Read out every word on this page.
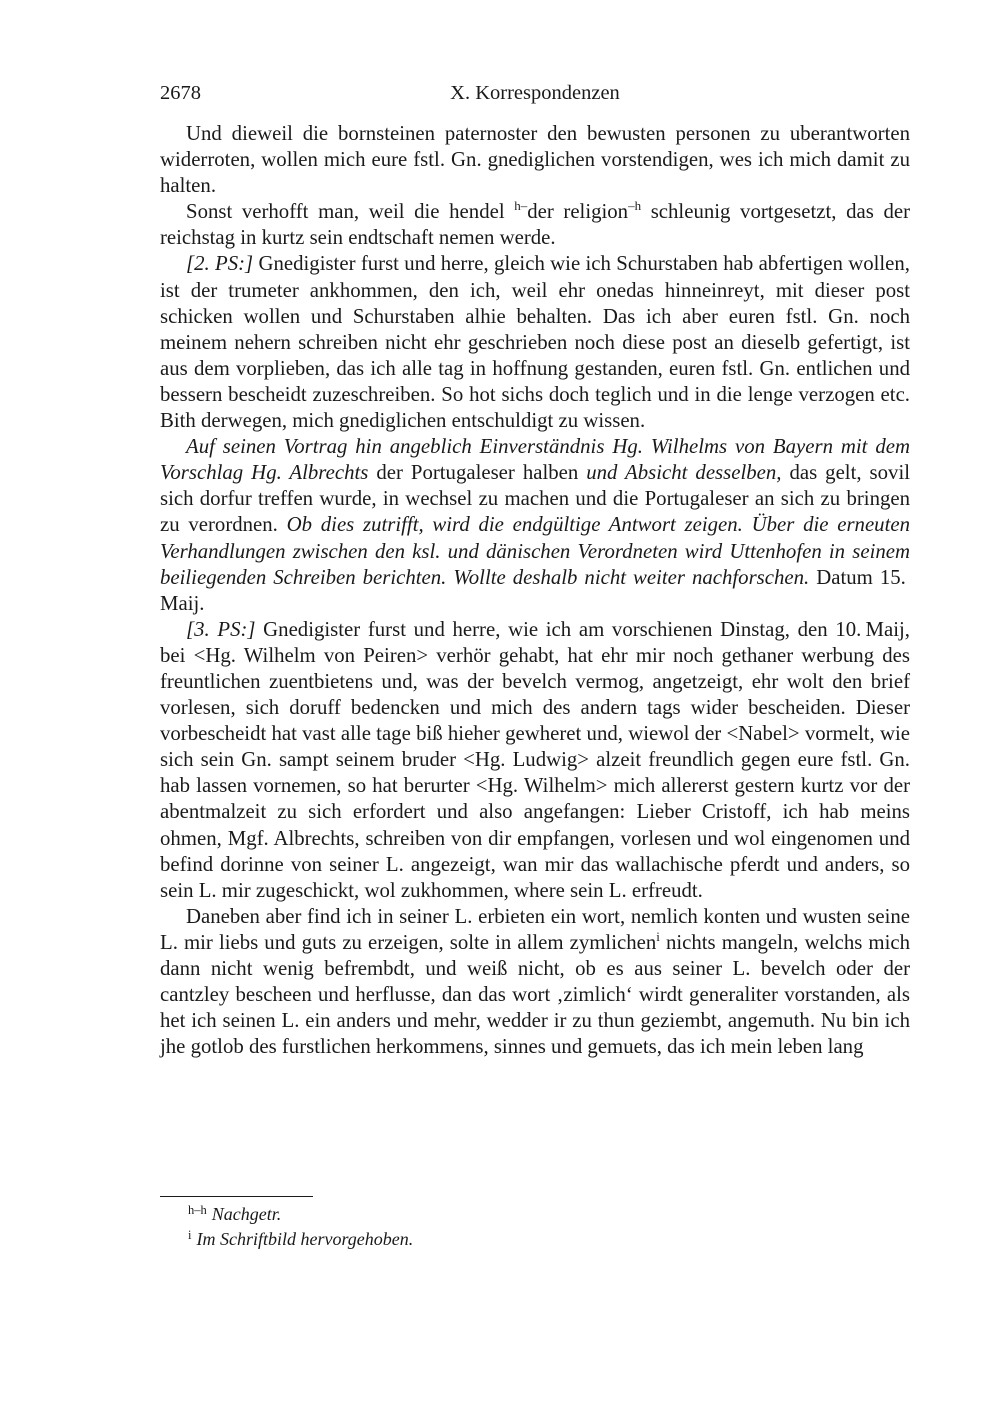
2678	X. Korrespondenzen

Und dieweil die bornsteinen paternoster den bewusten personen zu uberantworten widerroten, wollen mich eure fstl. Gn. gnediglichen vorstendigen, wes ich mich damit zu halten.

Sonst verhofft man, weil die hendel $^{h-}$der religion$^{-h}$ schleunig vortgesetzt, das der reichstag in kurtz sein endtschaft nemen werde.

[2. PS:] Gnedigister furst und herre, gleich wie ich Schurstaben hab abfertigen wollen, ist der trumeter ankhommen, den ich, weil ehr onedas hinneinreyt, mit dieser post schicken wollen und Schurstaben alhie behalten. Das ich aber euren fstl. Gn. noch meinem nehern schreiben nicht ehr geschrieben noch diese post an dieselb gefertigt, ist aus dem vorplieben, das ich alle tag in hoffnung gestanden, euren fstl. Gn. entlichen und bessern bescheidt zuzeschreiben. So hot sichs doch teglich und in die lenge verzogen etc. Bith derwegen, mich gnediglichen entschuldigt zu wissen.

Auf seinen Vortrag hin angeblich Einverständnis Hg. Wilhelms von Bayern mit dem Vorschlag Hg. Albrechts der Portugaleser halben und Absicht desselben, das gelt, sovil sich dorfur treffen wurde, in wechsel zu machen und die Portugaleser an sich zu bringen zu verordnen. Ob dies zutrifft, wird die endgültige Antwort zeigen. Über die erneuten Verhandlungen zwischen den ksl. und dänischen Verordneten wird Uttenhofen in seinem beiliegenden Schreiben berichten. Wollte deshalb nicht weiter nachforschen. Datum 15. Maij.

[3. PS:] Gnedigister furst und herre, wie ich am vorschienen Dinstag, den 10. Maij, bei <Hg. Wilhelm von Peiren> verhör gehabt, hat ehr mir noch gethaner werbung des freuntlichen zuentbietens und, was der bevelch vermog, angetzeigt, ehr wolt den brief vorlesen, sich doruff bedencken und mich des andern tags wider bescheiden. Dieser vorbescheidt hat vast alle tage biß hieher gewheret und, wiewol der <Nabel> vormelt, wie sich sein Gn. sampt seinem bruder <Hg. Ludwig> alzeit freundlich gegen eure fstl. Gn. hab lassen vornemen, so hat berurter <Hg. Wilhelm> mich allererst gestern kurtz vor der abentmalzeit zu sich erfordert und also angefangen: Lieber Cristoff, ich hab meins ohmen, Mgf. Albrechts, schreiben von dir empfangen, vorlesen und wol eingenomen und befind dorinne von seiner L. angezeigt, wan mir das wallachische pferdt und anders, so sein L. mir zugeschickt, wol zukhommen, where sein L. erfreudt.

Daneben aber find ich in seiner L. erbieten ein wort, nemlich konten und wusten seine L. mir liebs und guts zu erzeigen, solte in allem zymlichen$^i$ nichts mangeln, welchs mich dann nicht wenig befrembdt, und weiß nicht, ob es aus seiner L. bevelch oder der cantzley bescheen und herflusse, dan das wort ‚zimlich‘ wirdt generaliter vorstanden, als het ich seinen L. ein anders und mehr, wedder ir zu thun geziembt, angemuth. Nu bin ich jhe gotlob des furstlichen herkommens, sinnes und gemuets, das ich mein leben lang

$^{h-h}$ Nachgetr.

$^i$ Im Schriftbild hervorgehoben.
